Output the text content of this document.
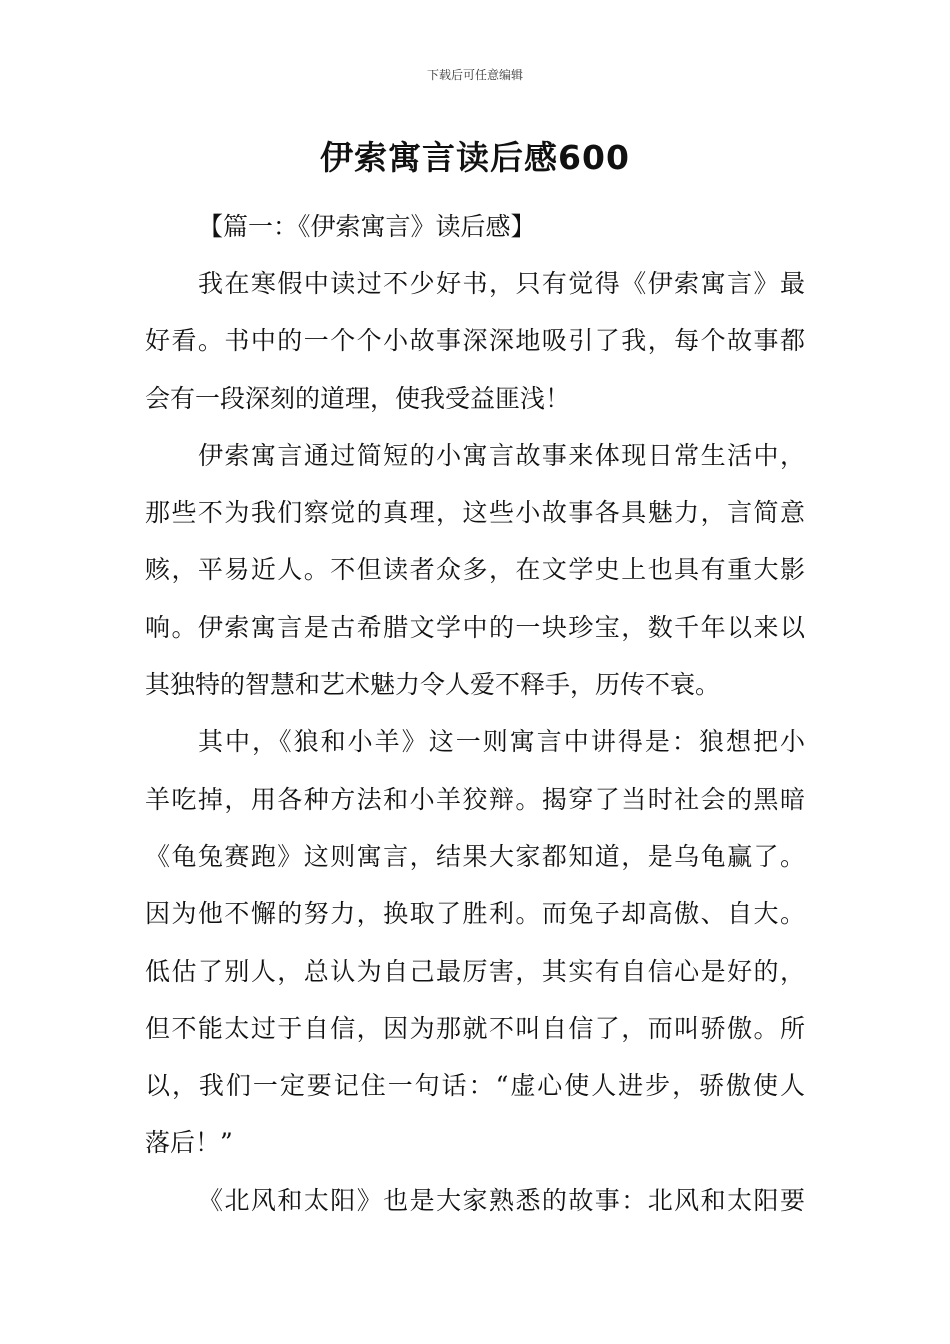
下载后可任意编辑
伊索寓言读后感600
【篇一：《伊索寓言》读后感】

我在寒假中读过不少好书，只有觉得《伊索寓言》最
好看。书中的一个个小故事深深地吸引了我，每个故事都
会有一段深刻的道理，使我受益匪浅！

伊索寓言通过简短的小寓言故事来体现日常生活中，
那些不为我们察觉的真理，这些小故事各具魅力，言简意
赅，平易近人。不但读者众多，在文学史上也具有重大影
响。伊索寓言是古希腊文学中的一块珍宝，数千年以来以
其独特的智慧和艺术魅力令人爱不释手，历传不衰。

其中，《狼和小羊》这一则寓言中讲得是：狼想把小
羊吃掉，用各种方法和小羊狡辩。揭穿了当时社会的黑暗
《龟兔赛跑》这则寓言，结果大家都知道，是乌龟赢了。
因为他不懈的努力，换取了胜利。而兔子却高傲、自大。
低估了别人，总认为自己最厉害，其实有自信心是好的，
但不能太过于自信，因为那就不叫自信了，而叫骄傲。所
以，我们一定要记住一句话：“虚心使人进步，骄傲使人
落后！”

《北风和太阳》也是大家熟悉的故事：北风和太阳要
